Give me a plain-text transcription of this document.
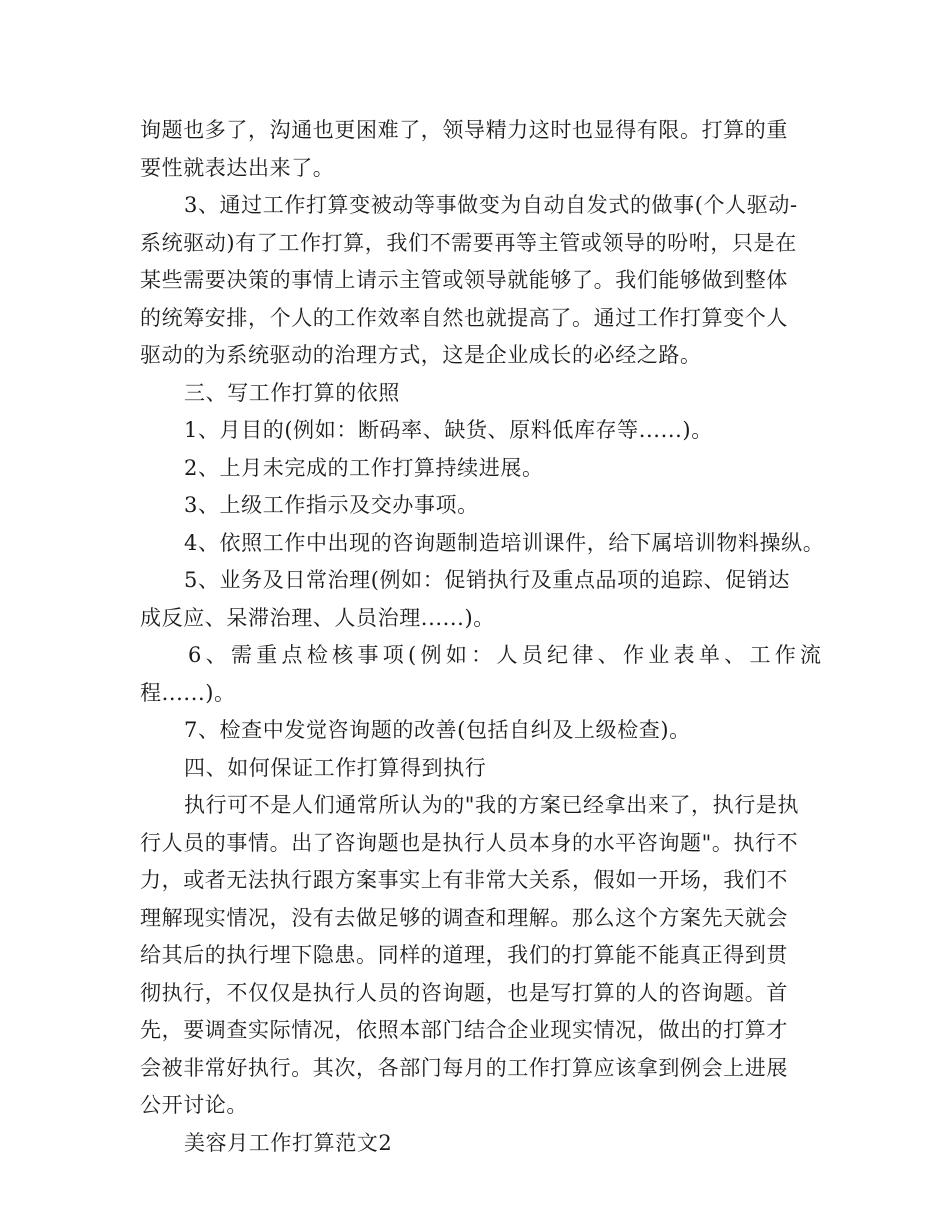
询题也多了，沟通也更困难了，领导精力这时也显得有限。打算的重
要性就表达出来了。
3、通过工作打算变被动等事做变为自动自发式的做事(个人驱动-
系统驱动)有了工作打算，我们不需要再等主管或领导的吩咐，只是在
某些需要决策的事情上请示主管或领导就能够了。我们能够做到整体
的统筹安排，个人的工作效率自然也就提高了。通过工作打算变个人
驱动的为系统驱动的治理方式，这是企业成长的必经之路。
三、写工作打算的依照
1、月目的(例如：断码率、缺货、原料低库存等......)。
2、上月未完成的工作打算持续进展。
3、上级工作指示及交办事项。
4、依照工作中出现的咨询题制造培训课件，给下属培训物料操纵。
5、业务及日常治理(例如：促销执行及重点品项的追踪、促销达
成反应、呆滞治理、人员治理......)。
6、需重点检核事项(例如：人员纪律、作业表单、工作流
程......)。
7、检查中发觉咨询题的改善(包括自纠及上级检查)。
四、如何保证工作打算得到执行
执行可不是人们通常所认为的"我的方案已经拿出来了，执行是执
行人员的事情。出了咨询题也是执行人员本身的水平咨询题"。执行不
力，或者无法执行跟方案事实上有非常大关系，假如一开场，我们不
理解现实情况，没有去做足够的调查和理解。那么这个方案先天就会
给其后的执行埋下隐患。同样的道理，我们的打算能不能真正得到贯
彻执行，不仅仅是执行人员的咨询题，也是写打算的人的咨询题。首
先，要调查实际情况，依照本部门结合企业现实情况，做出的打算才
会被非常好执行。其次，各部门每月的工作打算应该拿到例会上进展
公开讨论。
美容月工作打算范文2
